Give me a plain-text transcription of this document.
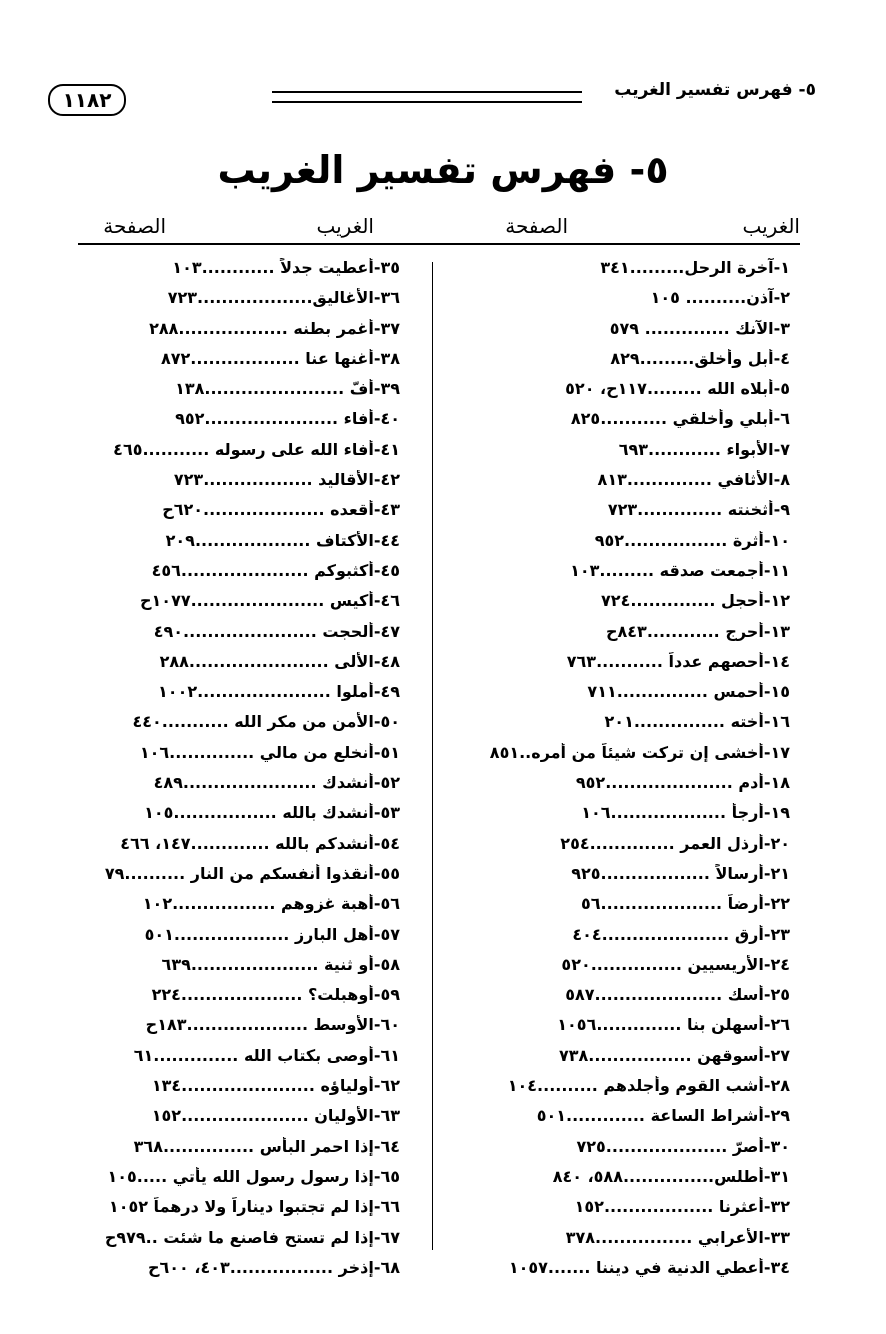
١١٨٢	٥- فهرس تفسير الغريب
٥- فهرس تفسير الغريب
الغريب
الصفحة
الغريب
الصفحة
١-آخرة الرحل.........٣٤١
٢-آذن.......... ١٠٥
٣-الآنك .............. ٥٧٩
٤-أبل وأخلق.........٨٢٩
٥-أبلاه الله .........١١٧ح، ٥٢٠
٦-أبلي وأخلقي ...........٨٢٥
٧-الأبواء ............٦٩٣
٨-الأثافي ..............٨١٣
٩-أثخنته ..............٧٢٣
١٠-أثرة .................٩٥٢
١١-أجمعت صدقه .........١٠٣
١٢-أحجل ..............٧٢٤
١٣-أحرج ............٨٤٣ح
١٤-أحصهم عدداً ...........٧٦٣
١٥-أحمس ...............٧١١
١٦-أخته ...............٢٠١
١٧-أخشى إن تركت شيئاً من أمره..٨٥١
١٨-أدم .....................٩٥٢
١٩-أرجأ ...................١٠٦
٢٠-أرذل العمر ..............٢٥٤
٢١-أرسالاً ..................٩٢٥
٢٢-أرضاً ....................٥٦
٢٣-أرق .....................٤٠٤
٢٤-الأريسيين ...............٥٢٠
٢٥-أسك .....................٥٨٧
٢٦-أسهلن بنا ..............١٠٥٦
٢٧-أسوقهن .................٧٣٨
٢٨-أشب القوم وأجلدهم ..........١٠٤
٢٩-أشراط الساعة .............٥٠١
٣٠-أصرّ ....................٧٢٥
٣١-أطلس...............٥٨٨، ٨٤٠
٣٢-أعثرنا ..................١٥٢
٣٣-الأعرابي ................٣٧٨
٣٤-أعطي الدنية في ديننا .......١٠٥٧
٣٥-أعطيت جدلاً ............١٠٣
٣٦-الأغاليق...................٧٢٣
٣٧-أغمر بطنه ..................٢٨٨
٣٨-أغنها عنا ..................٨٧٢
٣٩-أفّ .......................١٣٨
٤٠-أفاء ......................٩٥٢
٤١-أفاء الله على رسوله ...........٤٦٥
٤٢-الأقاليد ..................٧٢٣
٤٣-أقعده ....................٦٢٠ح
٤٤-الأكتاف ...................٢٠٩
٤٥-أكثبوكم .....................٤٥٦
٤٦-أكيس ......................١٠٧٧ح
٤٧-ألحجت ......................٤٩٠
٤٨-الألى .......................٢٨٨
٤٩-أملوا ......................١٠٠٢
٥٠-الأمن من مكر الله ...........٤٤٠
٥١-أنخلع من مالي ..............١٠٦
٥٢-أنشدك ......................٤٨٩
٥٣-أنشدك بالله .................١٠٥
٥٤-أنشدكم بالله .............١٤٧، ٤٦٦
٥٥-أنقذوا أنفسكم من النار ..........٧٩
٥٦-أهبة غزوهم .................١٠٢
٥٧-أهل البارز ...................٥٠١
٥٨-أو ثنية .....................٦٣٩
٥٩-أوهبلت؟ ....................٢٢٤
٦٠-الأوسط ....................١٨٣ح
٦١-أوصى بكتاب الله ..............٦١
٦٢-أولياؤه ......................١٣٤
٦٣-الأوليان .....................١٥٢
٦٤-إذا احمر البأس ...............٣٦٨
٦٥-إذا رسول رسول الله يأتي .....١٠٥
٦٦-إذا لم تجتبوا ديناراً ولا درهماً ١٠٥٢
٦٧-إذا لم تستح فاصنع ما شئت ..٩٧٩ح
٦٨-إذخر .................٤٠٣، ٦٠٠ح
